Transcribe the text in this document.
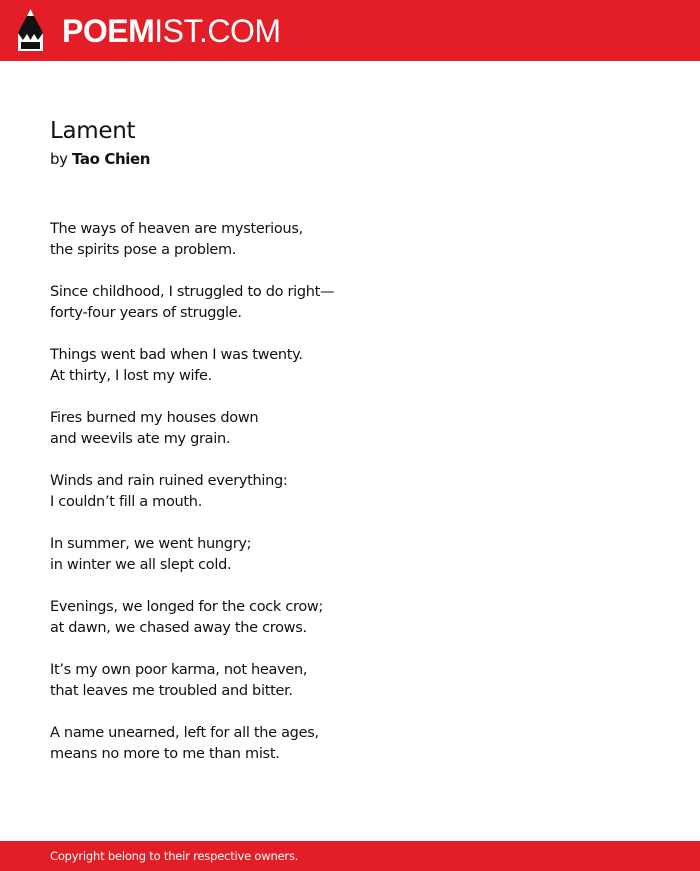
POEMIST.COM
Lament
by Tao Chien
The ways of heaven are mysterious,
the spirits pose a problem.
Since childhood, I struggled to do right—
forty-four years of struggle.
Things went bad when I was twenty.
At thirty, I lost my wife.
Fires burned my houses down
and weevils ate my grain.
Winds and rain ruined everything:
I couldn’t fill a mouth.
In summer, we went hungry;
in winter we all slept cold.
Evenings, we longed for the cock crow;
at dawn, we chased away the crows.
It’s my own poor karma, not heaven,
that leaves me troubled and bitter.
A name unearned, left for all the ages,
means no more to me than mist.
Copyright belong to their respective owners.
